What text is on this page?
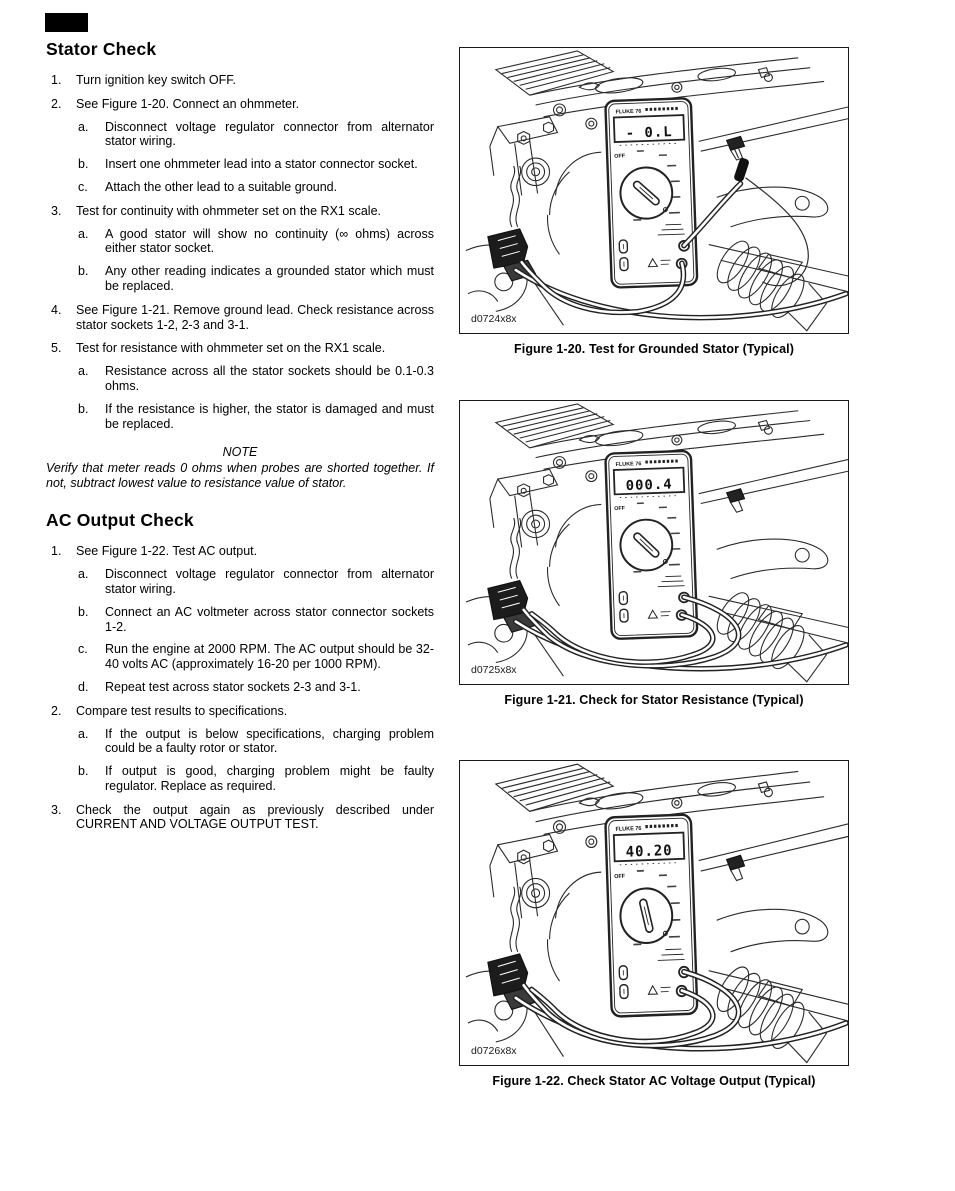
Stator Check
1.	Turn ignition key switch OFF.
2.	See Figure 1-20. Connect an ohmmeter.
a.	Disconnect voltage regulator connector from alternator stator wiring.
b.	Insert one ohmmeter lead into a stator connector socket.
c.	Attach the other lead to a suitable ground.
3.	Test for continuity with ohmmeter set on the RX1 scale.
a.	A good stator will show no continuity (∞ ohms) across either stator socket.
b.	Any other reading indicates a grounded stator which must be replaced.
4.	See Figure 1-21. Remove ground lead. Check resistance across stator sockets 1-2, 2-3 and 3-1.
5.	Test for resistance with ohmmeter set on the RX1 scale.
a.	Resistance across all the stator sockets should be 0.1-0.3 ohms.
b.	If the resistance is higher, the stator is damaged and must be replaced.
NOTE
Verify that meter reads 0 ohms when probes are shorted together. If not, subtract lowest value to resistance value of stator.
AC Output Check
1.	See Figure 1-22. Test AC output.
a.	Disconnect voltage regulator connector from alternator stator wiring.
b.	Connect an AC voltmeter across stator connector sockets 1-2.
c.	Run the engine at 2000 RPM. The AC output should be 32-40 volts AC (approximately 16-20 per 1000 RPM).
d.	Repeat test across stator sockets 2-3 and 3-1.
2.	Compare test results to specifications.
a.	If the output is below specifications, charging problem could be a faulty rotor or stator.
b.	If output is good, charging problem might be faulty regulator. Replace as required.
3.	Check the output again as previously described under CURRENT AND VOLTAGE OUTPUT TEST.
FLUKE 76
- 0.L
OFF
d0724x8x
Figure 1-20. Test for Grounded Stator (Typical)
FLUKE 76
000.4
OFF
d0725x8x
Figure 1-21. Check for Stator Resistance (Typical)
FLUKE 76
40.20
OFF
d0726x8x
Figure 1-22. Check Stator AC Voltage Output (Typical)
